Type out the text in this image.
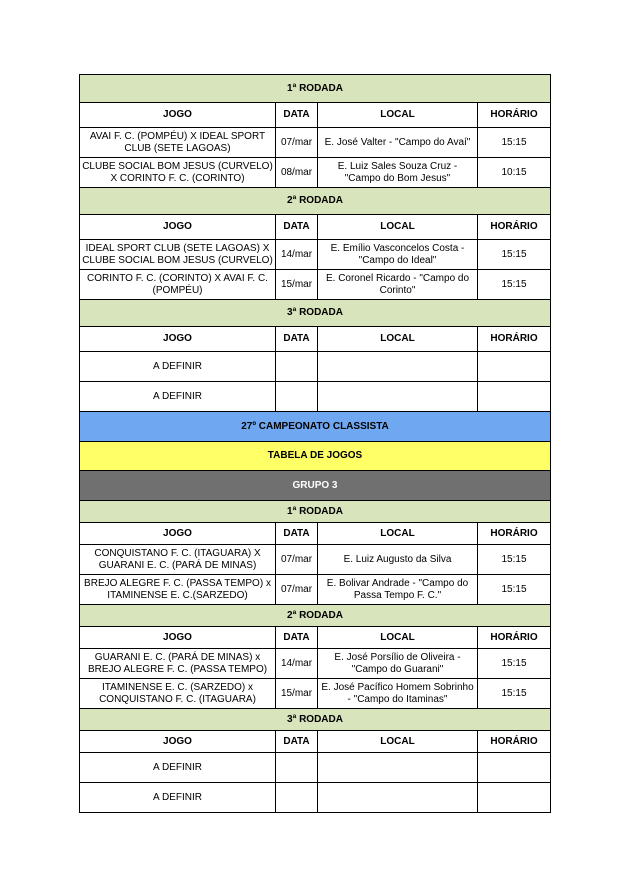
1ª RODADA			
JOGO	DATA	LOCAL	HORÁRIO
AVAI F. C. (POMPÉU) X IDEAL SPORT CLUB (SETE LAGOAS)	07/mar	E. José Valter - "Campo do Avaí"	15:15
CLUBE SOCIAL BOM JESUS (CURVELO) X CORINTO F. C. (CORINTO)	08/mar	E. Luiz Sales Souza Cruz - "Campo do Bom Jesus"	10:15
2ª RODADA			
JOGO	DATA	LOCAL	HORÁRIO
IDEAL SPORT CLUB (SETE LAGOAS) X CLUBE SOCIAL BOM JESUS (CURVELO)	14/mar	E. Emílio Vasconcelos Costa - "Campo do Ideal"	15:15
CORINTO F. C. (CORINTO) X AVAI F. C. (POMPÉU)	15/mar	E. Coronel Ricardo - "Campo do Corinto"	15:15
3ª RODADA			
JOGO	DATA	LOCAL	HORÁRIO
A DEFINIR			
A DEFINIR			
27º CAMPEONATO CLASSISTA			
TABELA DE JOGOS			
GRUPO 3			
1ª RODADA			
JOGO	DATA	LOCAL	HORÁRIO
CONQUISTANO F. C. (ITAGUARA) X GUARANI E. C. (PARÁ DE MINAS)	07/mar	E. Luiz Augusto da Silva	15:15
BREJO ALEGRE F. C. (PASSA TEMPO) x ITAMINENSE E. C.(SARZEDO)	07/mar	E. Bolivar Andrade - "Campo do Passa Tempo F. C."	15:15
2ª RODADA			
JOGO	DATA	LOCAL	HORÁRIO
GUARANI E. C. (PARÁ DE MINAS) x BREJO ALEGRE F. C. (PASSA TEMPO)	14/mar	E. José Porsílio de Oliveira - "Campo do Guarani"	15:15
ITAMINENSE E. C. (SARZEDO) x CONQUISTANO F. C. (ITAGUARA)	15/mar	E. José Pacífico Homem Sobrinho - "Campo do Itaminas"	15:15
3ª RODADA			
JOGO	DATA	LOCAL	HORÁRIO
A DEFINIR			
A DEFINIR			
